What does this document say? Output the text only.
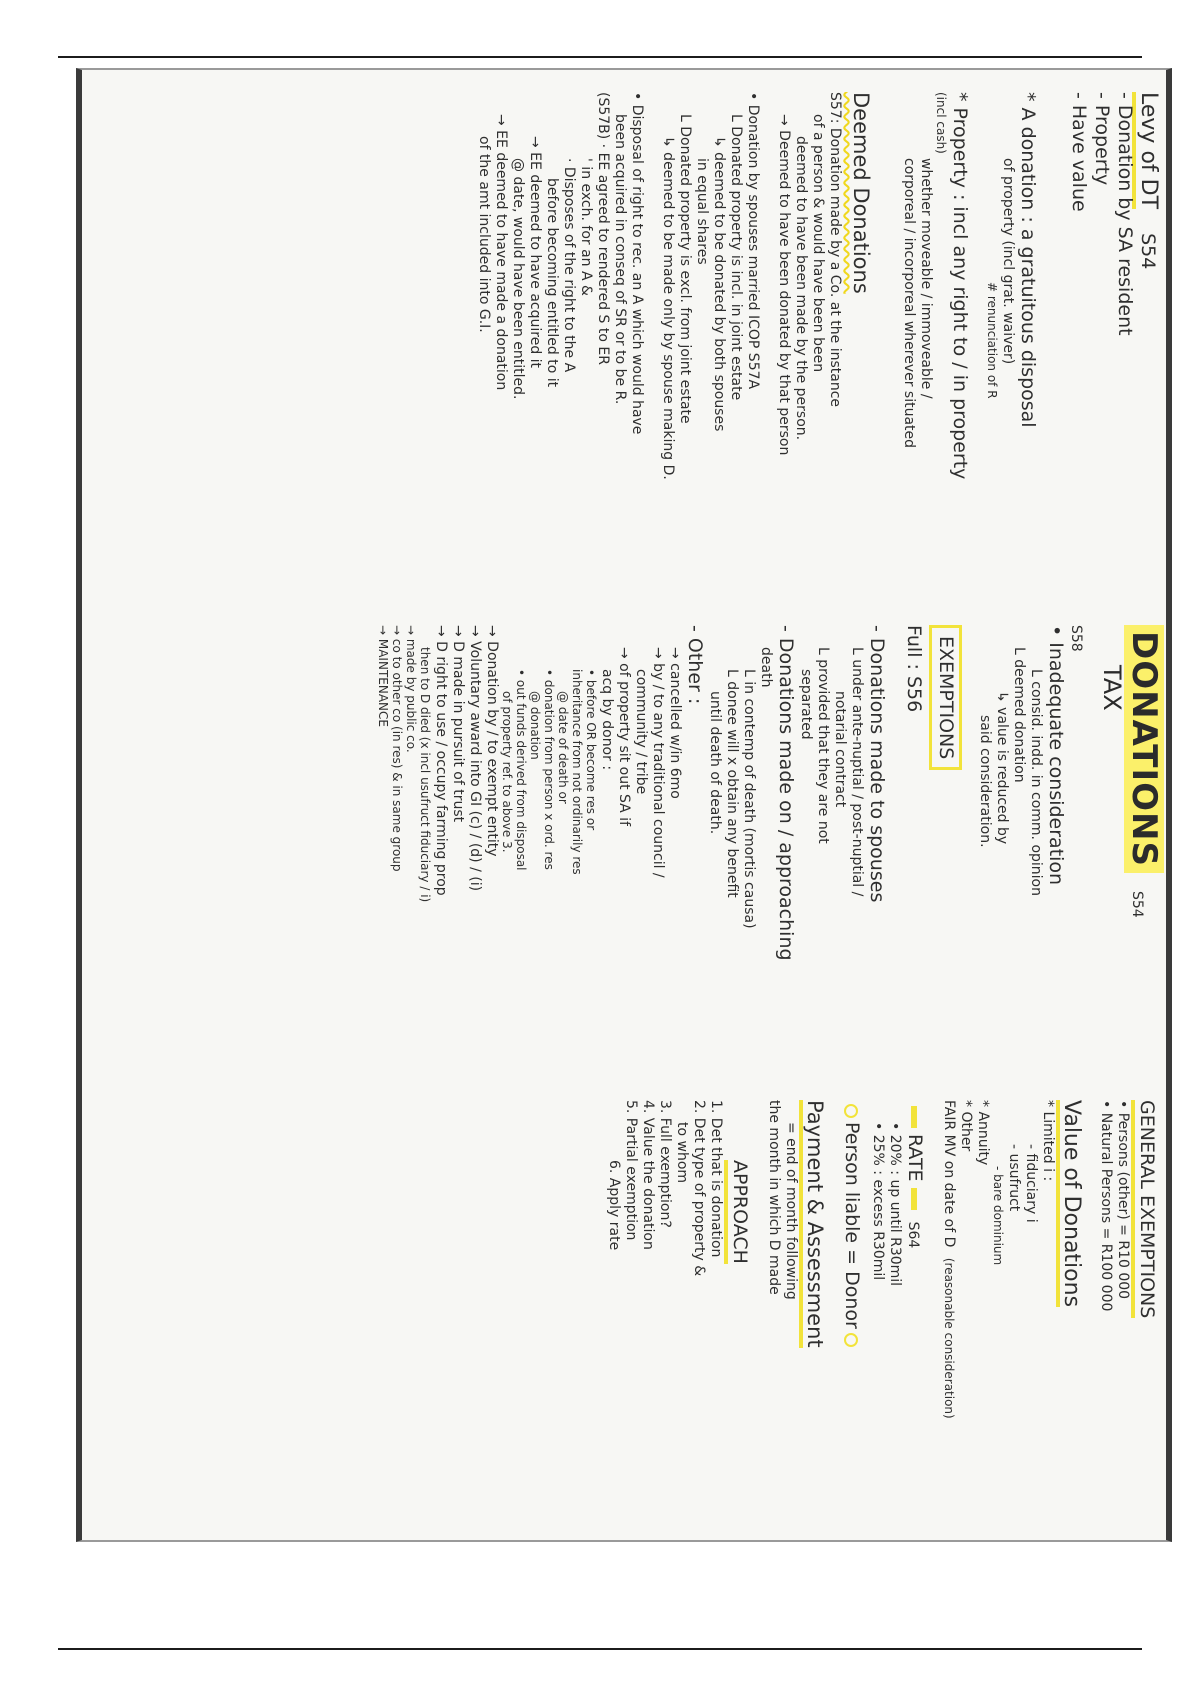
Levy of DT S54
- Donation by SA resident
- Property
- Have value
* A donation : a gratuitous disposal
of property (incl grat. waiver)
# renunciation of R
* Property : incl any right to / in property
(incl cash)
whether moveable / immoveable /
corporeal / incorporeal wherever situated
Deemed Donations
S57: Donation made by a Co. at the instance
of a person & would have been been
deemed to have been made by the person.
→ Deemed to have been donated by that person
• Donation by spouses married ICOP S57A
L Donated property is incl. in joint estate
↳ deemed to be donated by both spouses
in equal shares
L Donated property is excl. from joint estate
↳ deemed to be made only by spouse making D.
• Disposal of right to rec. an A which would have
been acquired in conseq of SR or to be R.
(S57B) · EE agreed to rendered S to ER
' in exch. for an A &
· Disposes of the right to the A
before becoming entitled to it
→ EE deemed to have acquired it
@ date, would have been entitled.
→ EE deemed to have made a donation
of the amt included into G.I.
DONATIONS S54
TAX
S58
• Inadequate consideration
L consid. indd. in comm. opinion
L deemed donation
↳ value is reduced by
said consideration.
EXEMPTIONS
Full : S56
- Donations made to spouses
L under ante-nuptial / post-nuptial /
notarial contract
L provided that they are not
separated
- Donations made on / approaching
death
L in contemp of death (mortis causa)
L donee will x obtain any benefit
until death of death.
- Other :
→ cancelled w/in 6mo
→ by / to any traditional council /
community / tribe
→ of property sit out SA if
acq by donor :
• before OR become res or
inheritance from not ordinarily res
@ date of death or
• donation from person x ord. res
@ donation
• out funds derived from disposal
of property ref. to above 3.
→ Donation by / to exempt entity
→ Voluntary award into GI (c) / (d) / (i)
→ D made in pursuit of trust
→ D right to use / occupy farming prop
then to D died (x incl usufruct fiduciary / i)
→ made by public co.
→ co to other co (in res) & in same group
→ MAINTENANCE
GENERAL EXEMPTIONS
• Persons (other) = R10 000
• Natural Persons = R100 000
Value of Donations
* Limited i :
- fiduciary i
- usufruct
- bare dominium
* Annuity
* Other
FAIR MV on date of D (reasonable consideration)
RATE S64
• 20% : up until R30mil
• 25% : excess R30mil
Person liable = Donor
Payment & Assessment
= end of month following
the month in which D made
APPROACH
1. Det that is donation
2. Det type of property &
to whom
3. Full exemption?
4. Value the donation
5. Partial exemption
6. Apply rate
